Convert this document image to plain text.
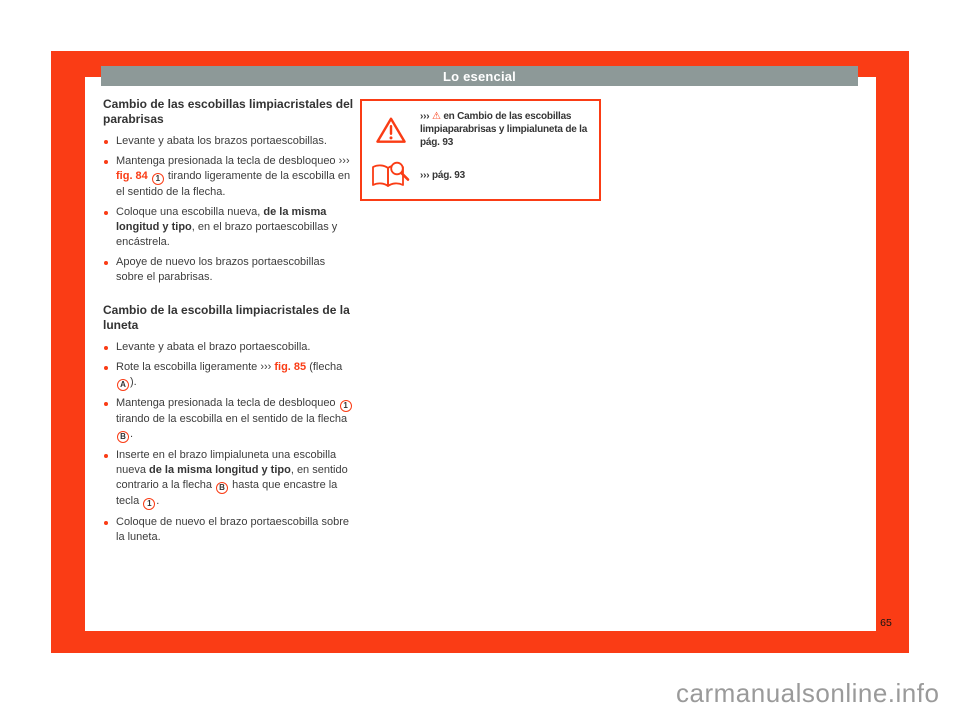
Lo esencial
Cambio de las escobillas limpiacristales del parabrisas
Levante y abata los brazos portaescobillas.
Mantenga presionada la tecla de desbloqueo ››› fig. 84 1 tirando ligeramente de la escobilla en el sentido de la flecha.
Coloque una escobilla nueva, de la misma longitud y tipo, en el brazo portaescobillas y encástrela.
Apoye de nuevo los brazos portaescobillas sobre el parabrisas.
Cambio de la escobilla limpiacristales de la luneta
Levante y abata el brazo portaescobilla.
Rote la escobilla ligeramente ››› fig. 85 (flecha A ).
Mantenga presionada la tecla de desbloqueo 1 tirando de la escobilla en el sentido de la flecha B .
Inserte en el brazo limpialuneta una escobilla nueva de la misma longitud y tipo, en sentido contrario a la flecha B hasta que encastre la tecla 1 .
Coloque de nuevo el brazo portaescobilla sobre la luneta.
››› ⚠ en Cambio de las escobillas limpiaparabrisas y limpialuneta de la pág. 93
››› pág. 93
65
carmanualsonline.info
